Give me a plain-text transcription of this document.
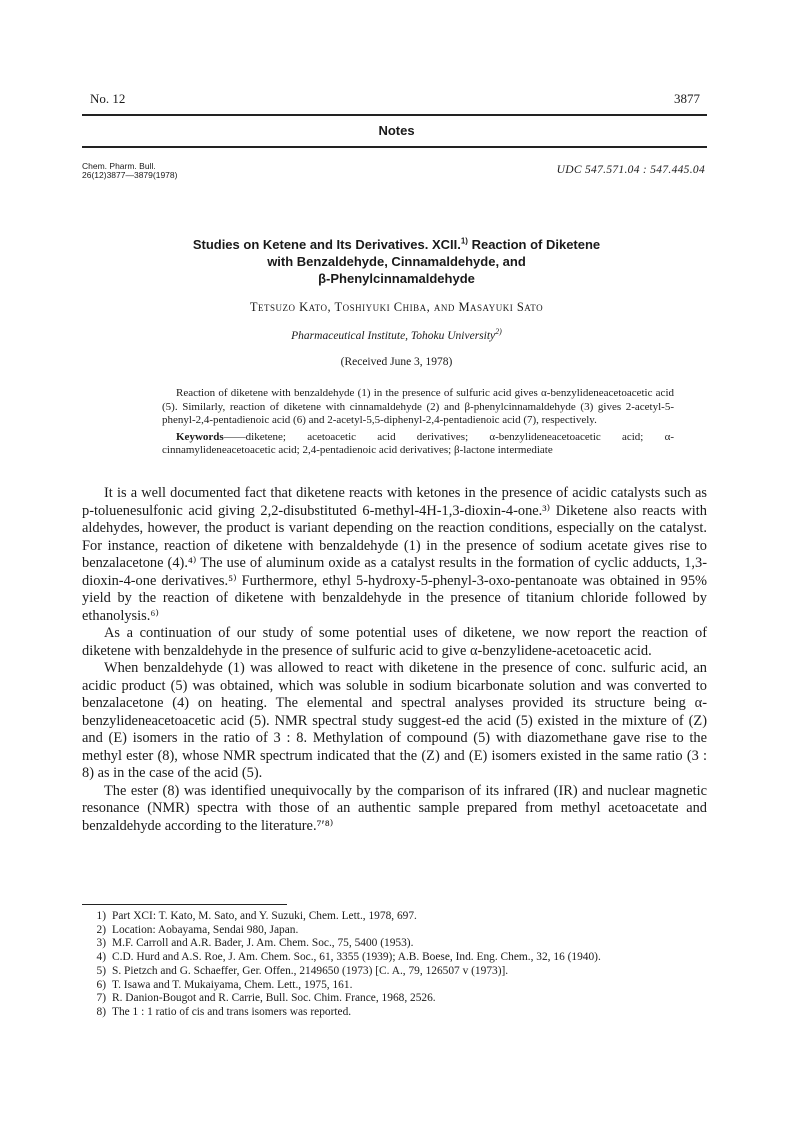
No. 12	3877
Notes
Chem. Pharm. Bull.
26(12)3877—3879(1978)	UDC 547.571.04 : 547.445.04
Studies on Ketene and Its Derivatives. XCII.$^{1)}$ Reaction of Diketene
with Benzaldehyde, Cinnamaldehyde, and
β-Phenylcinnamaldehyde
Tetsuzo Kato, Toshiyuki Chiba, and Masayuki Sato
Pharmaceutical Institute, Tohoku University$^{2)}$
(Received June 3, 1978)

Reaction of diketene with benzaldehyde (1) in the presence of sulfuric acid gives α-benzylideneacetoacetic acid (5). Similarly, reaction of diketene with cinnamaldehyde (2) and β-phenylcinnamaldehyde (3) gives 2-acetyl-5-phenyl-2,4-pentadienoic acid (6) and 2-acetyl-5,5-diphenyl-2,4-pentadienoic acid (7), respectively.

Keywords——diketene; acetoacetic acid derivatives; α-benzylideneacetoacetic acid; α-cinnamylideneacetoacetic acid; 2,4-pentadienoic acid derivatives; β-lactone intermediate

It is a well documented fact that diketene reacts with ketones in the presence of acidic catalysts such as p-toluenesulfonic acid giving 2,2-disubstituted 6-methyl-4H-1,3-dioxin-4-one.³⁾ Diketene also reacts with aldehydes, however, the product is variant depending on the reaction conditions, especially on the catalyst. For instance, reaction of diketene with benzaldehyde (1) in the presence of sodium acetate gives rise to benzalacetone (4).⁴⁾ The use of aluminum oxide as a catalyst results in the formation of cyclic adducts, 1,3-dioxin-4-one derivatives.⁵⁾ Furthermore, ethyl 5-hydroxy-5-phenyl-3-oxo-pentanoate was obtained in 95% yield by the reaction of diketene with benzaldehyde in the presence of titanium chloride followed by ethanolysis.⁶⁾

As a continuation of our study of some potential uses of diketene, we now report the reaction of diketene with benzaldehyde in the presence of sulfuric acid to give α-benzylidene-acetoacetic acid.

When benzaldehyde (1) was allowed to react with diketene in the presence of conc. sulfuric acid, an acidic product (5) was obtained, which was soluble in sodium bicarbonate solution and was converted to benzalacetone (4) on heating. The elemental and spectral analyses provided its structure being α-benzylideneacetoacetic acid (5). NMR spectral study suggest-ed the acid (5) existed in the mixture of (Z) and (E) isomers in the ratio of 3 : 8. Methylation of compound (5) with diazomethane gave rise to the methyl ester (8), whose NMR spectrum indicated that the (Z) and (E) isomers existed in the same ratio (3 : 8) as in the case of the acid (5).

The ester (8) was identified unequivocally by the comparison of its infrared (IR) and nuclear magnetic resonance (NMR) spectra with those of an authentic sample prepared from methyl acetoacetate and benzaldehyde according to the literature.⁷ʹ⁸⁾

1) Part XCI: T. Kato, M. Sato, and Y. Suzuki, Chem. Lett., 1978, 697.
2) Location: Aobayama, Sendai 980, Japan.
3) M.F. Carroll and A.R. Bader, J. Am. Chem. Soc., 75, 5400 (1953).
4) C.D. Hurd and A.S. Roe, J. Am. Chem. Soc., 61, 3355 (1939); A.B. Boese, Ind. Eng. Chem., 32, 16 (1940).
5) S. Pietzch and G. Schaeffer, Ger. Offen., 2149650 (1973) [C. A., 79, 126507 v (1973)].
6) T. Isawa and T. Mukaiyama, Chem. Lett., 1975, 161.
7) R. Danion-Bougot and R. Carrie, Bull. Soc. Chim. France, 1968, 2526.
8) The 1 : 1 ratio of cis and trans isomers was reported.
